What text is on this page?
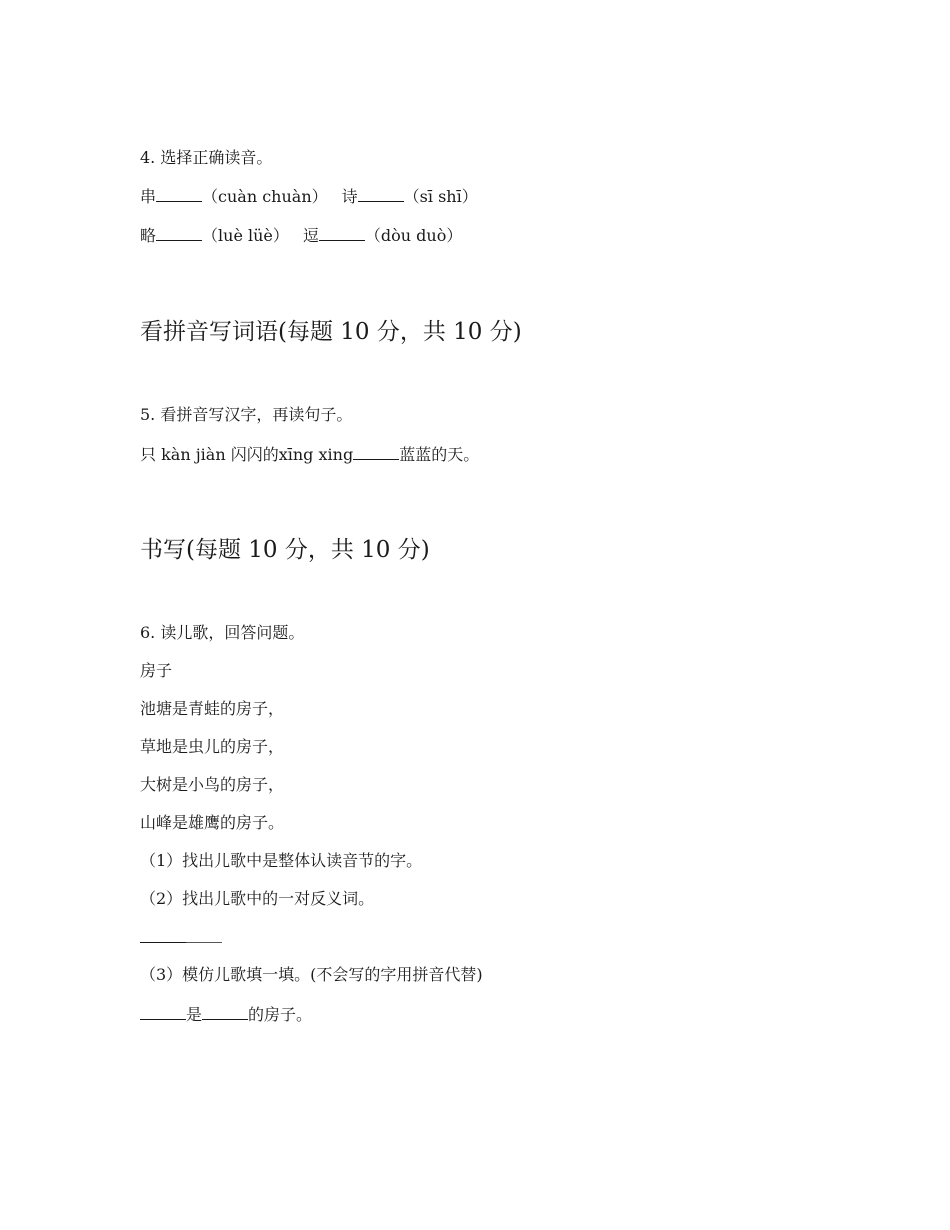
4. 选择正确读音。
串	（cuàn chuàn） 诗	（sī shī）
略	（luè lüè） 逗	（dòu duò）
看拼音写词语(每题 10 分，共 10 分)
5. 看拼音写汉字，再读句子。
只 kàn jiàn 闪闪的xīng xing	蓝蓝的天。
书写(每题 10 分，共 10 分)
6. 读儿歌，回答问题。
房子
池塘是青蛙的房子，
草地是虫儿的房子，
大树是小鸟的房子，
山峰是雄鹰的房子。
（1）找出儿歌中是整体认读音节的字。
（2）找出儿歌中的一对反义词。
（3）模仿儿歌填一填。(不会写的字用拼音代替)
是	的房子。
